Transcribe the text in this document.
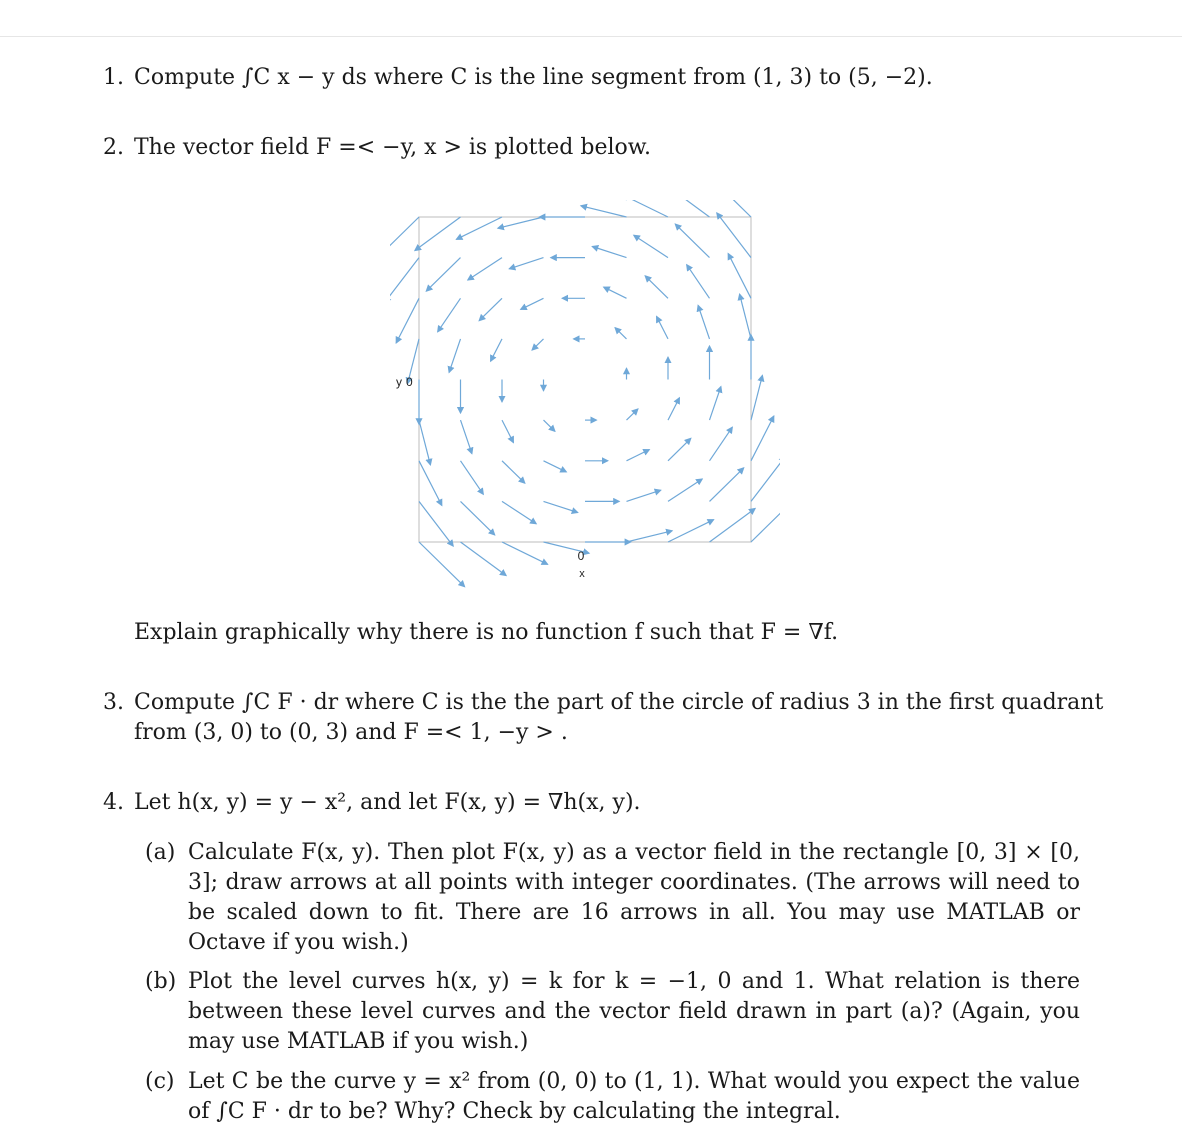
1. Compute ∫C x − y ds where C is the line segment from (1, 3) to (5, −2).
2. The vector field F =< −y, x > is plotted below.
y 0
0
x
Explain graphically why there is no function f such that F = ∇f.
3. Compute ∫C F · dr where C is the the part of the circle of radius 3 in the first quadrant
from (3, 0) to (0, 3) and F =< 1, −y > .
4. Let h(x, y) = y − x², and let F(x, y) = ∇h(x, y).
(a) Calculate F(x, y). Then plot F(x, y) as a vector field in the rectangle [0, 3] × [0, 3]; draw arrows at all points with integer coordinates. (The arrows will need to be scaled down to fit. There are 16 arrows in all. You may use MATLAB or Octave if you wish.)
(b) Plot the level curves h(x, y) = k for k = −1, 0 and 1. What relation is there between these level curves and the vector field drawn in part (a)? (Again, you may use MATLAB if you wish.)
(c) Let C be the curve y = x² from (0, 0) to (1, 1). What would you expect the value of ∫C F · dr to be? Why? Check by calculating the integral.
